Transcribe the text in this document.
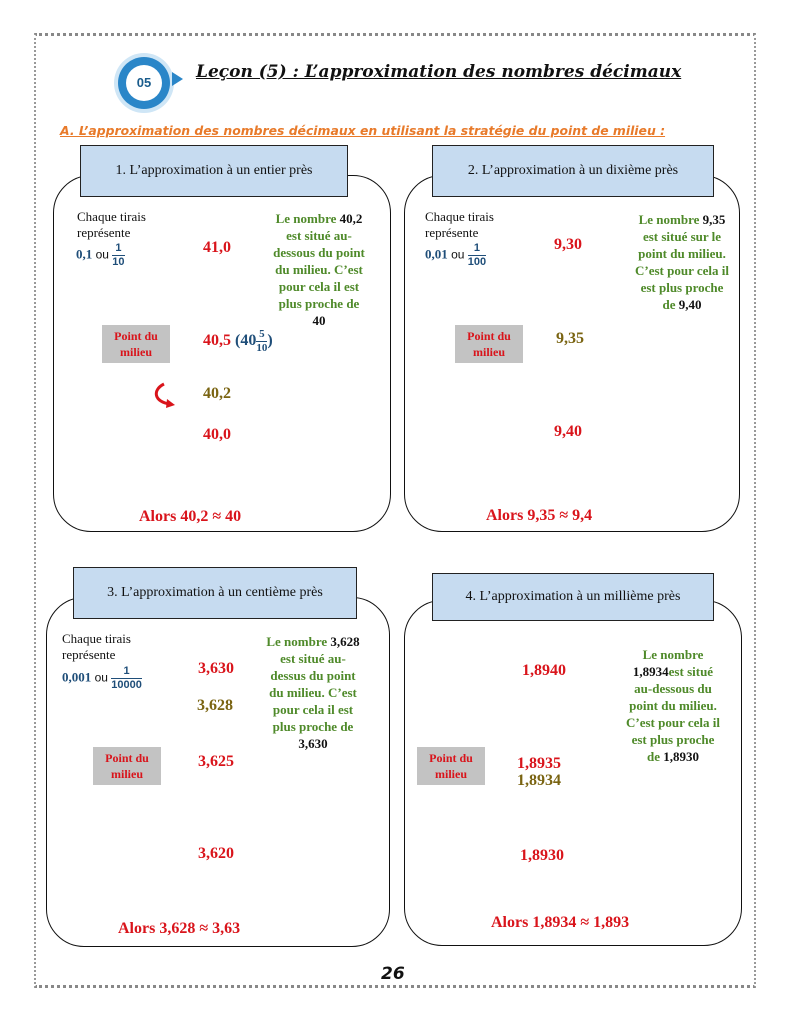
05
Leçon (5) : L’approximation des nombres décimaux
A. L’approximation des nombres décimaux en utilisant la stratégie du point de milieu :
1. L’approximation à un entier près
Chaque tirais
représente
0,1 ou $\frac{1}{10}$	41,0
40,5 ($40 \frac{5}{10}$ )
40,2
40,0
Point du
milieu
Le nombre 40,2
est situé au-
dessous du point
du milieu. C’est
pour cela il est
plus proche de
40
Alors 40,2 ≈ 40
2. L’approximation à un dixième près
Chaque tirais
représente
0,01 ou $\frac{1}{100}$	9,30
9,35
9,40
Point du
milieu
Le nombre 9,35
est situé sur le
point du milieu.
C’est pour cela il
est plus proche
de 9,40
Alors 9,35 ≈ 9,4
3. L’approximation à un centième près
Chaque tirais
représente
0,001 ou $\frac{1}{10000}$	3,630
3,628
3,625
3,620
Point du
milieu
Le nombre 3,628
est situé au-
dessus du point
du milieu. C’est
pour cela il est
plus proche de
3,630
Alors 3,628 ≈ 3,63
4. L’approximation à un millième près
1,8940
1,8935
1,8934
1,8930
Point du
milieu
Le nombre
1,8934est situé
au-dessous du
point du milieu.
C’est pour cela il
est plus proche
de 1,8930
Alors 1,8934 ≈ 1,893
26
